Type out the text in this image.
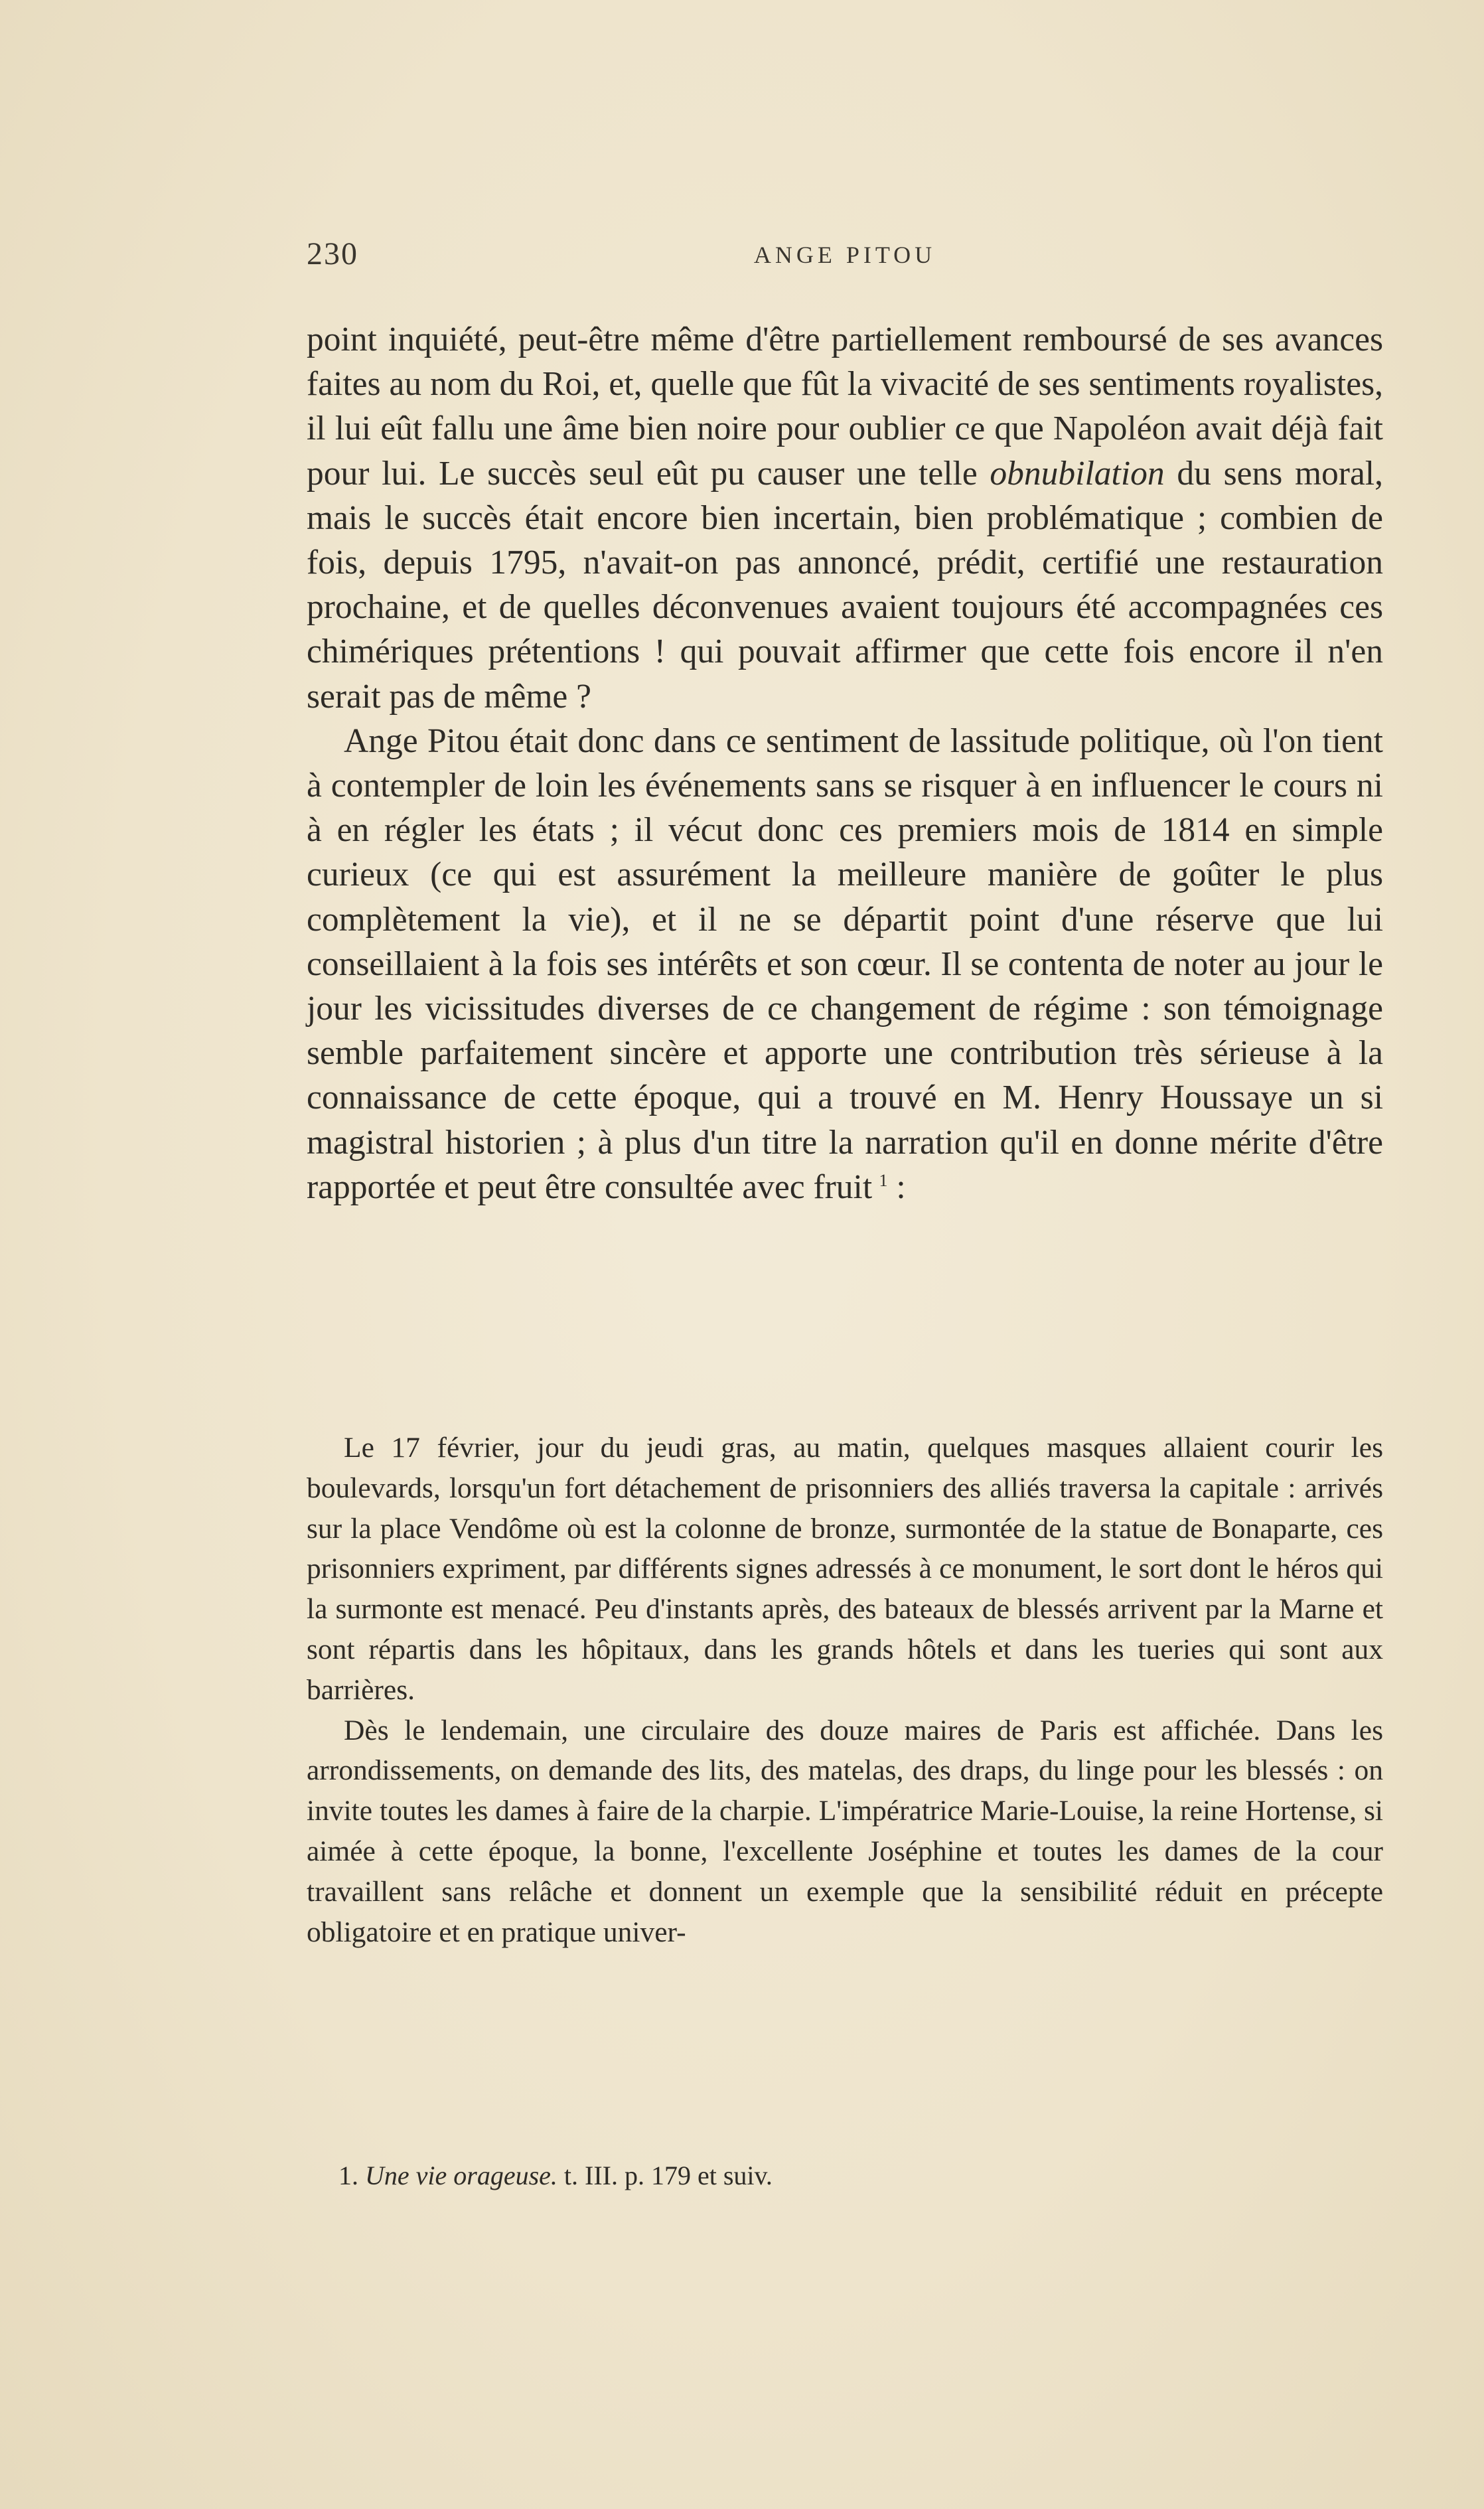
230	ANGE PITOU

point inquiété, peut-être même d'être partiellement remboursé de ses avances faites au nom du Roi, et, quelle que fût la vivacité de ses sentiments royalistes, il lui eût fallu une âme bien noire pour oublier ce que Napoléon avait déjà fait pour lui. Le succès seul eût pu causer une telle obnubilation du sens moral, mais le succès était encore bien incertain, bien problématique ; combien de fois, depuis 1795, n'avait-on pas annoncé, prédit, certifié une restauration prochaine, et de quelles déconvenues avaient toujours été accompagnées ces chimériques prétentions ! qui pouvait affirmer que cette fois encore il n'en serait pas de même ?

Ange Pitou était donc dans ce sentiment de lassitude politique, où l'on tient à contempler de loin les événements sans se risquer à en influencer le cours ni à en régler les états ; il vécut donc ces premiers mois de 1814 en simple curieux (ce qui est assurément la meilleure manière de goûter le plus complètement la vie), et il ne se départit point d'une réserve que lui conseillaient à la fois ses intérêts et son cœur. Il se contenta de noter au jour le jour les vicissitudes diverses de ce changement de régime : son témoignage semble parfaitement sincère et apporte une contribution très sérieuse à la connaissance de cette époque, qui a trouvé en M. Henry Houssaye un si magistral historien ; à plus d'un titre la narration qu'il en donne mérite d'être rapportée et peut être consultée avec fruit  $^1$ :

Le 17 février, jour du jeudi gras, au matin, quelques masques allaient courir les boulevards, lorsqu'un fort détachement de prisonniers des alliés traversa la capitale : arrivés sur la place Vendôme où est la colonne de bronze, surmontée de la statue de Bonaparte, ces prisonniers expriment, par différents signes adressés à ce monument, le sort dont le héros qui la surmonte est menacé. Peu d'instants après, des bateaux de blessés arrivent par la Marne et sont répartis dans les hôpitaux, dans les grands hôtels et dans les tueries qui sont aux barrières.

Dès le lendemain, une circulaire des douze maires de Paris est affichée. Dans les arrondissements, on demande des lits, des matelas, des draps, du linge pour les blessés : on invite toutes les dames à faire de la charpie. L'impératrice Marie-Louise, la reine Hortense, si aimée à cette époque, la bonne, l'excellente Joséphine et toutes les dames de la cour travaillent sans relâche et donnent un exemple que la sensibilité réduit en précepte obligatoire et en pratique univer-

1. Une vie orageuse. t. III. p. 179 et suiv.
